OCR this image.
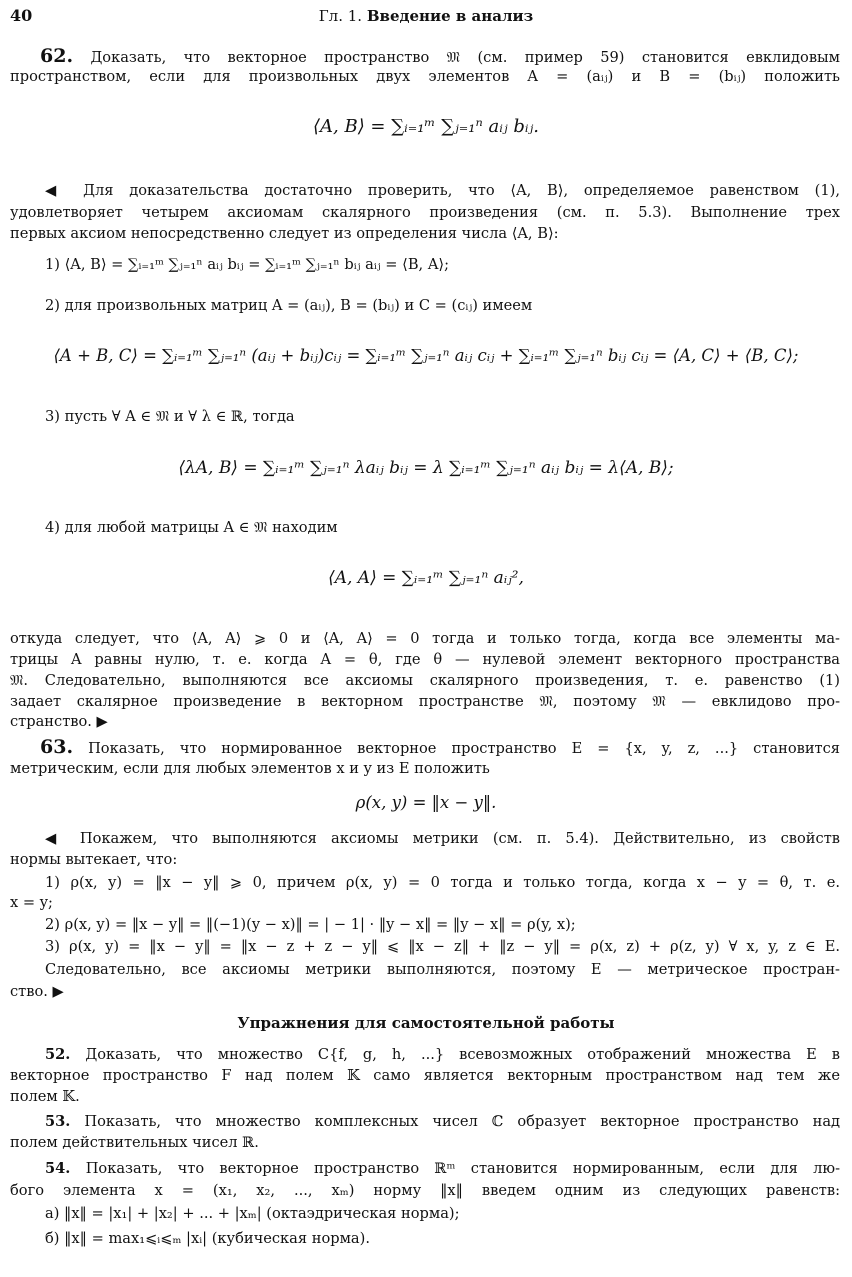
40	Гл. 1. Введение в анализ
62. Доказать, что векторное пространство 𝔐 (см. пример 59) становится евклидовым
пространством, если для произвольных двух элементов A = (aᵢⱼ) и B = (bᵢⱼ) положить
⟨A, B⟩ = ∑ᵢ₌₁ᵐ ∑ⱼ₌₁ⁿ aᵢⱼ bᵢⱼ.
◀ Для доказательства достаточно проверить, что ⟨A, B⟩, определяемое равенством (1),
удовлетворяет четырем аксиомам скалярного произведения (см. п. 5.3). Выполнение трех
первых аксиом непосредственно следует из определения числа ⟨A, B⟩:
1) ⟨A, B⟩ = ∑ᵢ₌₁ᵐ ∑ⱼ₌₁ⁿ aᵢⱼ bᵢⱼ = ∑ᵢ₌₁ᵐ ∑ⱼ₌₁ⁿ bᵢⱼ aᵢⱼ = ⟨B, A⟩;
2) для произвольных матриц A = (aᵢⱼ), B = (bᵢⱼ) и C = (cᵢⱼ) имеем
⟨A + B, C⟩ = ∑ᵢ₌₁ᵐ ∑ⱼ₌₁ⁿ (aᵢⱼ + bᵢⱼ)cᵢⱼ = ∑ᵢ₌₁ᵐ ∑ⱼ₌₁ⁿ aᵢⱼ cᵢⱼ + ∑ᵢ₌₁ᵐ ∑ⱼ₌₁ⁿ bᵢⱼ cᵢⱼ = ⟨A, C⟩ + ⟨B, C⟩;
3) пусть ∀ A ∈ 𝔐 и ∀ λ ∈ ℝ, тогда
⟨λA, B⟩ = ∑ᵢ₌₁ᵐ ∑ⱼ₌₁ⁿ λaᵢⱼ bᵢⱼ = λ ∑ᵢ₌₁ᵐ ∑ⱼ₌₁ⁿ aᵢⱼ bᵢⱼ = λ⟨A, B⟩;
4) для любой матрицы A ∈ 𝔐 находим
⟨A, A⟩ = ∑ᵢ₌₁ᵐ ∑ⱼ₌₁ⁿ aᵢⱼ²,
откуда следует, что ⟨A, A⟩ ⩾ 0 и ⟨A, A⟩ = 0 тогда и только тогда, когда все элементы ма-
трицы A равны нулю, т. е. когда A = θ, где θ — нулевой элемент векторного пространства
𝔐. Следовательно, выполняются все аксиомы скалярного произведения, т. е. равенство (1)
задает скалярное произведение в векторном пространстве 𝔐, поэтому 𝔐 — евклидово про-
странство. ▶
63. Показать, что нормированное векторное пространство E = {x, y, z, ...} становится
метрическим, если для любых элементов x и y из E положить
ρ(x, y) = ‖x − y‖.
◀ Покажем, что выполняются аксиомы метрики (см. п. 5.4). Действительно, из свойств
нормы вытекает, что:
1) ρ(x, y) = ‖x − y‖ ⩾ 0, причем ρ(x, y) = 0 тогда и только тогда, когда x − y = θ, т. е.
x = y;
2) ρ(x, y) = ‖x − y‖ = ‖(−1)(y − x)‖ = | − 1| · ‖y − x‖ = ‖y − x‖ = ρ(y, x);
3) ρ(x, y) = ‖x − y‖ = ‖x − z + z − y‖ ⩽ ‖x − z‖ + ‖z − y‖ = ρ(x, z) + ρ(z, y) ∀ x, y, z ∈ E.
Следовательно, все аксиомы метрики выполняются, поэтому E — метрическое простран-
ство. ▶
Упражнения для самостоятельной работы
52. Доказать, что множество C{f, g, h, ...} всевозможных отображений множества E в
векторное пространство F над полем 𝕂 само является векторным пространством над тем же
полем 𝕂.
53. Показать, что множество комплексных чисел ℂ образует векторное пространство над
полем действительных чисел ℝ.
54. Показать, что векторное пространство ℝᵐ становится нормированным, если для лю-
бого элемента x = (x₁, x₂, ..., xₘ) норму ‖x‖ введем одним из следующих равенств:
а) ‖x‖ = |x₁| + |x₂| + ... + |xₘ| (октаэдрическая норма);
б) ‖x‖ = max₁⩽ᵢ⩽ₘ |xᵢ| (кубическая норма).
